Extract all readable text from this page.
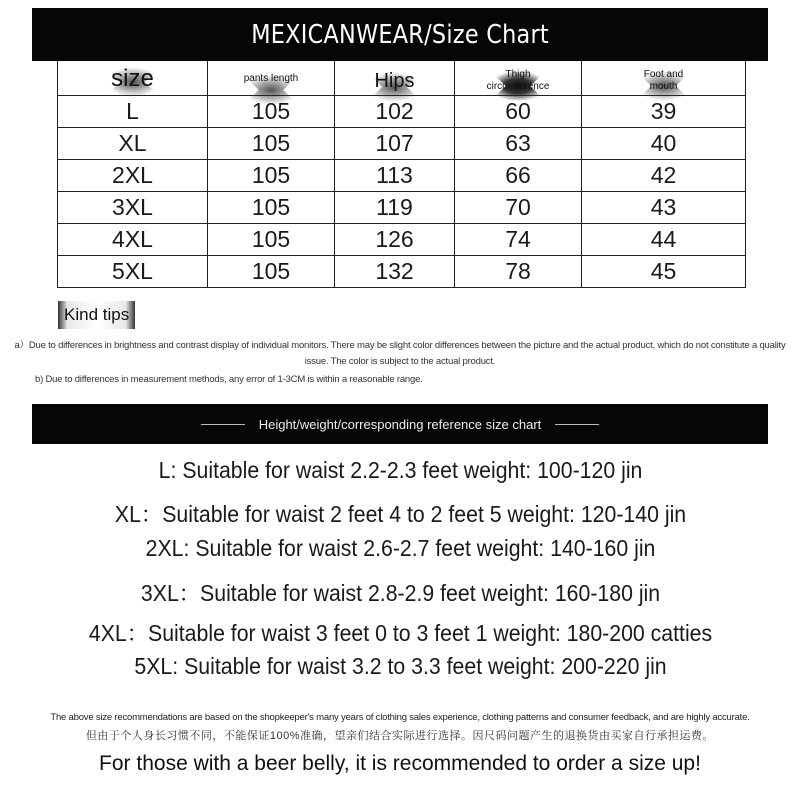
MEXICANWEAR/Size Chart
size	pants length	Hips	Thigh circumference	Foot and mouth
L	105	102	60	39
XL	105	107	63	40
2XL	105	113	66	42
3XL	105	119	70	43
4XL	105	126	74	44
5XL	105	132	78	45
Kind tips
a）Due to differences in brightness and contrast display of individual monitors. There may be slight color differences between the picture and the actual product, which do not constitute a quality issue. The color is subject to the actual product.
b) Due to differences in measurement methods, any error of 1-3CM is within a reasonable range.
Height/weight/corresponding reference size chart
L: Suitable for waist 2.2-2.3 feet weight: 100-120 jin
XL：Suitable for waist 2 feet 4 to 2 feet 5 weight: 120-140 jin
2XL: Suitable for waist 2.6-2.7 feet weight: 140-160 jin
3XL：Suitable for waist 2.8-2.9 feet weight: 160-180 jin
4XL：Suitable for waist 3 feet 0 to 3 feet 1 weight: 180-200 catties
5XL: Suitable for waist 3.2 to 3.3 feet weight: 200-220 jin
The above size recommendations are based on the shopkeeper's many years of clothing sales experience, clothing patterns and consumer feedback, and are highly accurate.
但由于个人身长习惯不同，不能保证100%准确，望亲们结合实际进行选择。因尺码问题产生的退换货由买家自行承担运费。
For those with a beer belly, it is recommended to order a size up!
